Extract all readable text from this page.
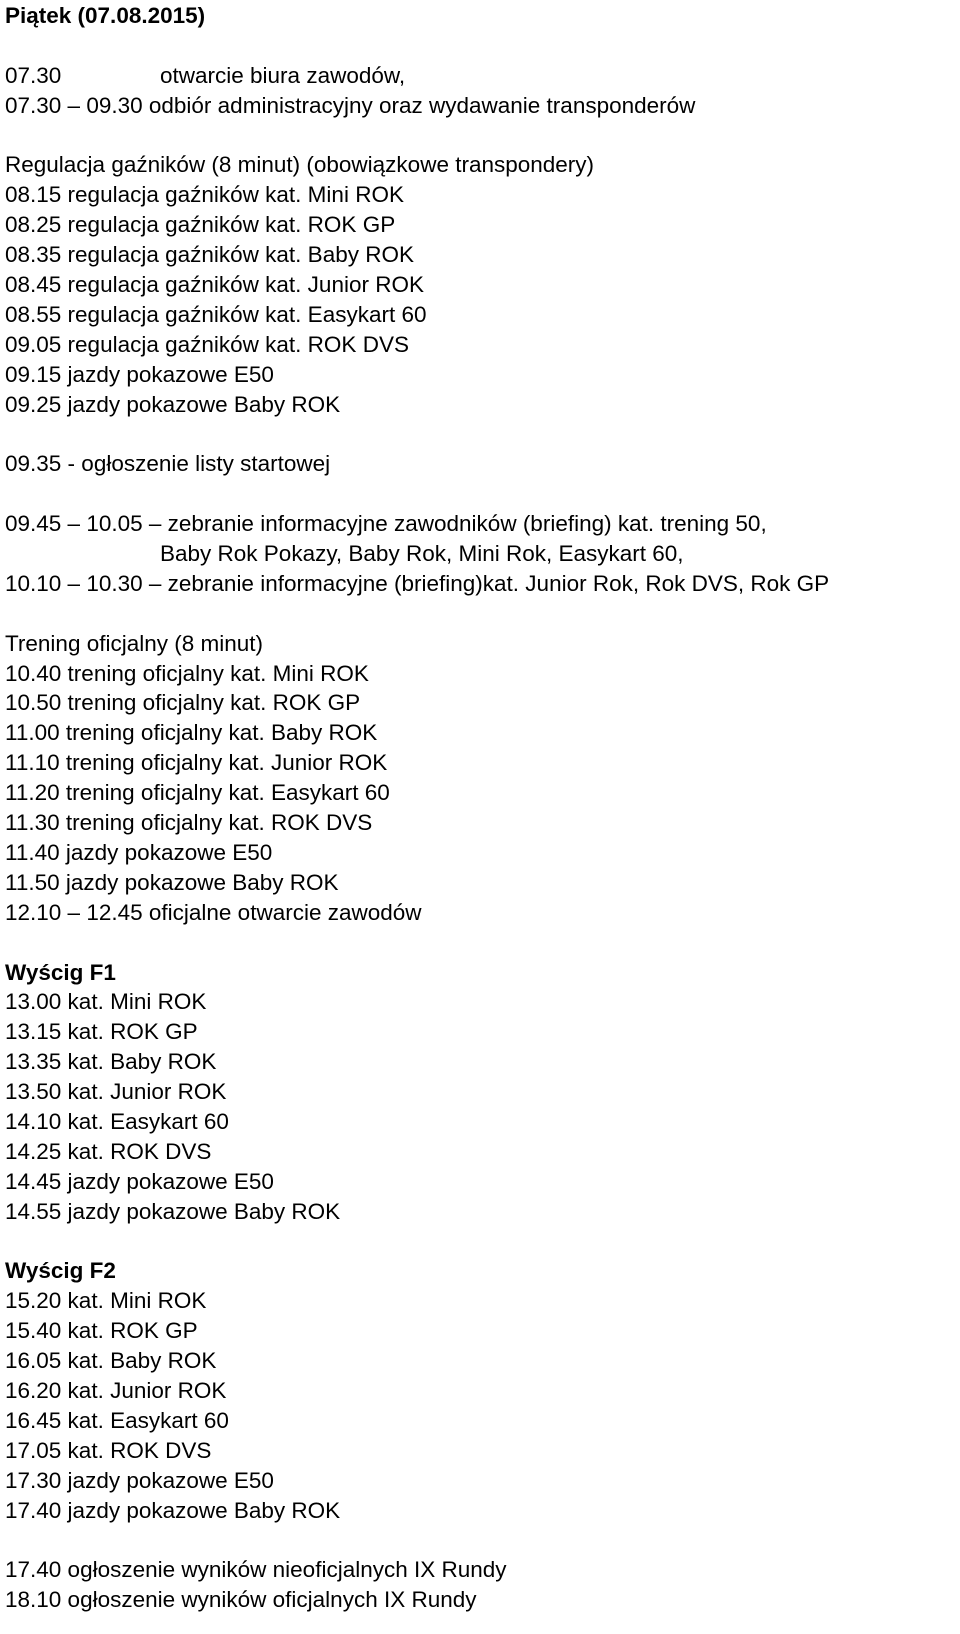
Piątek (07.08.2015)
07.30	otwarcie biura zawodów,
07.30 – 09.30 odbiór administracyjny oraz wydawanie transponderów
Regulacja gaźników (8 minut) (obowiązkowe transpondery)
08.15 regulacja gaźników kat. Mini ROK
08.25 regulacja gaźników kat. ROK GP
08.35 regulacja gaźników kat. Baby ROK
08.45 regulacja gaźników kat. Junior ROK
08.55 regulacja gaźników kat. Easykart 60
09.05 regulacja gaźników kat. ROK DVS
09.15 jazdy pokazowe E50
09.25 jazdy pokazowe Baby ROK
09.35 - ogłoszenie listy startowej
09.45 – 10.05 – zebranie informacyjne zawodników (briefing) kat. trening 50,
Baby Rok Pokazy, Baby Rok, Mini Rok, Easykart 60,
10.10 – 10.30 – zebranie informacyjne (briefing)kat. Junior Rok, Rok DVS, Rok GP
Trening oficjalny (8 minut)
10.40 trening oficjalny kat. Mini ROK
10.50 trening oficjalny kat. ROK GP
11.00 trening oficjalny kat. Baby ROK
11.10 trening oficjalny kat. Junior ROK
11.20 trening oficjalny kat. Easykart 60
11.30 trening oficjalny kat. ROK DVS
11.40 jazdy pokazowe E50
11.50 jazdy pokazowe Baby ROK
12.10 – 12.45 oficjalne otwarcie zawodów
Wyścig F1
13.00 kat. Mini ROK
13.15 kat. ROK GP
13.35 kat. Baby ROK
13.50 kat. Junior ROK
14.10 kat. Easykart 60
14.25 kat. ROK DVS
14.45 jazdy pokazowe E50
14.55 jazdy pokazowe Baby ROK
Wyścig F2
15.20 kat. Mini ROK
15.40 kat. ROK GP
16.05 kat. Baby ROK
16.20 kat. Junior ROK
16.45 kat. Easykart 60
17.05 kat. ROK DVS
17.30 jazdy pokazowe E50
17.40 jazdy pokazowe Baby ROK
17.40 ogłoszenie wyników nieoficjalnych IX Rundy
18.10 ogłoszenie wyników oficjalnych IX Rundy
